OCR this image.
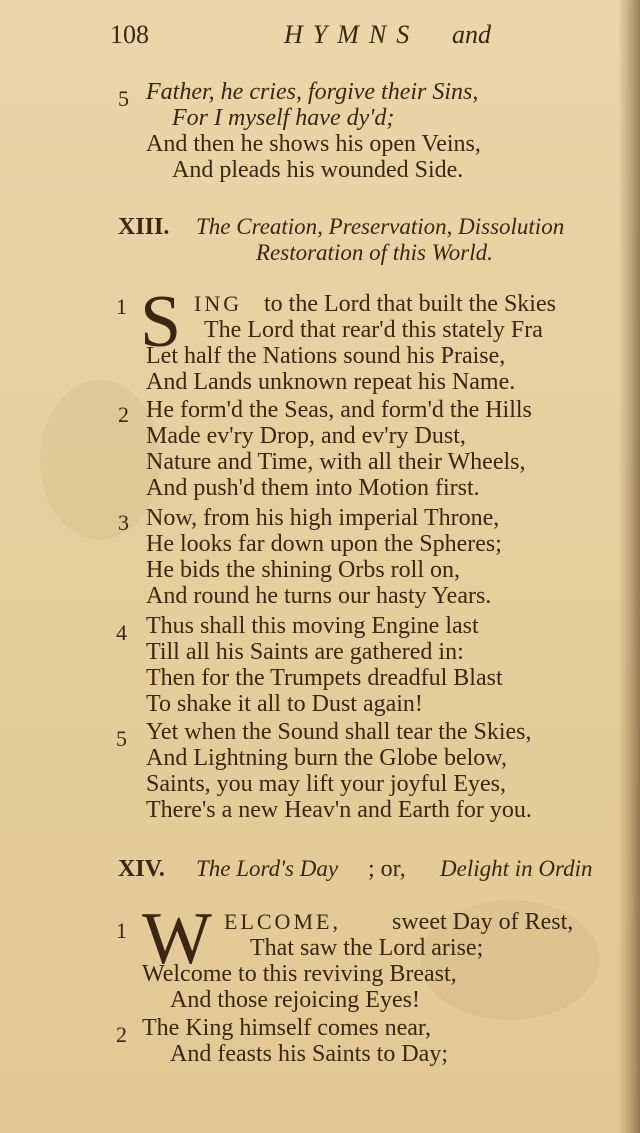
108	HYMNS and
5 Father, he cries, forgive their Sins,
For I myself have dy'd;
And then he shows his open Veins,
And pleads his wounded Side.
XIII. The Creation, Preservation, Dissolution
Restoration of this World.
1 S ING to the Lord that built the Skies
The Lord that rear'd this stately Fra
Let half the Nations sound his Praise,
And Lands unknown repeat his Name.
2 He form'd the Seas, and form'd the Hills
Made ev'ry Drop, and ev'ry Dust,
Nature and Time, with all their Wheels,
And push'd them into Motion first.
3 Now, from his high imperial Throne,
He looks far down upon the Spheres;
He bids the shining Orbs roll on,
And round he turns our hasty Years.
4 Thus shall this moving Engine last
Till all his Saints are gathered in:
Then for the Trumpets dreadful Blast
To shake it all to Dust again!
5 Yet when the Sound shall tear the Skies,
And Lightning burn the Globe below,
Saints, you may lift your joyful Eyes,
There's a new Heav'n and Earth for you.
XIV. The Lord's Day ; or, Delight in Ordin
1 W ELCOME, sweet Day of Rest,
That saw the Lord arise;
Welcome to this reviving Breast,
And those rejoicing Eyes!
2 The King himself comes near,
And feasts his Saints to Day;
